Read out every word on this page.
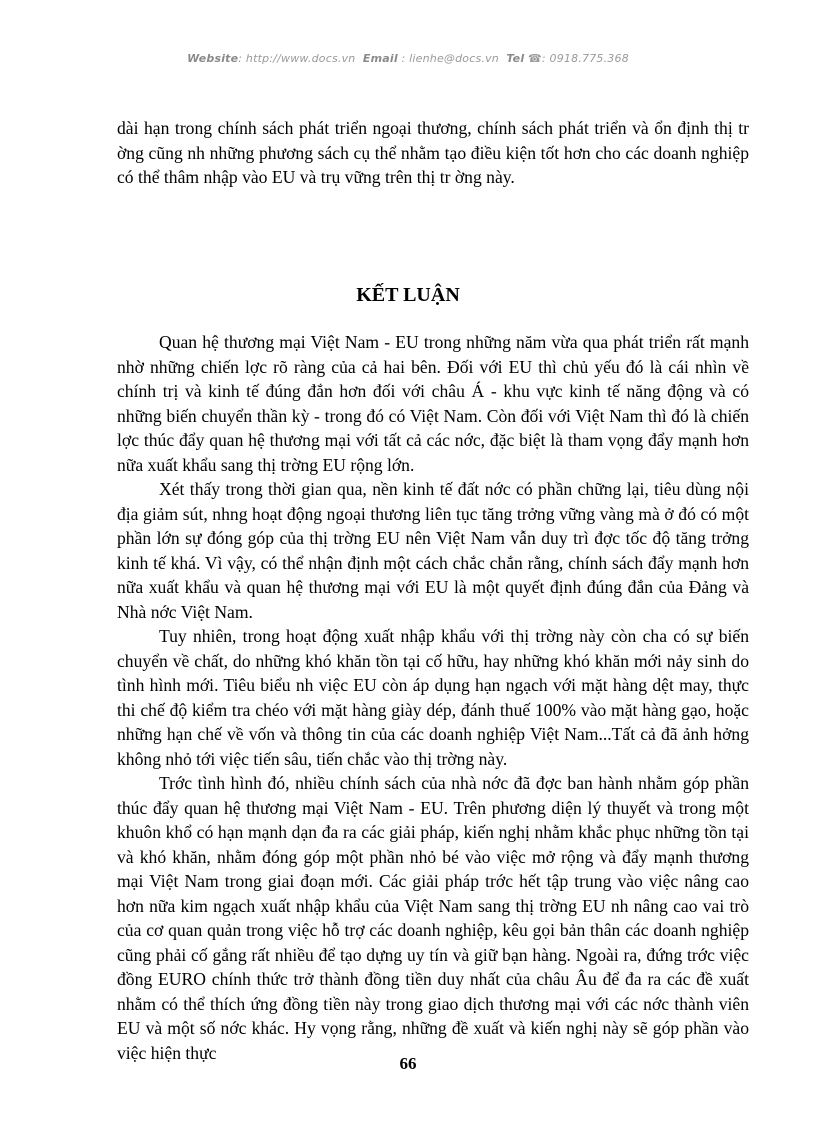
Website: http://www.docs.vn Email : lienhe@docs.vn Tel ☎: 0918.775.368

dài hạn trong chính sách phát triển ngoại thương, chính sách phát triển và ổn định thị tr ờng cũng nh những phương sách cụ thể nhằm tạo điều kiện tốt hơn cho các doanh nghiệp có thể thâm nhập vào EU và trụ vững trên thị tr ờng này.

KẾT LUẬN

Quan hệ thương mại Việt Nam - EU trong những năm vừa qua phát triển rất mạnh nhờ những chiến lợc rõ ràng của cả hai bên. Đối với EU thì chủ yếu đó là cái nhìn về chính trị và kinh tế đúng đắn hơn đối với châu Á - khu vực kinh tế năng động và có những biến chuyển thần kỳ - trong đó có Việt Nam. Còn đối với Việt Nam thì đó là chiến lợc thúc đẩy quan hệ thương mại với tất cả các nớc, đặc biệt là tham vọng đẩy mạnh hơn nữa xuất khẩu sang thị trờng EU rộng lớn.

Xét thấy trong thời gian qua, nền kinh tế đất nớc có phần chững lại, tiêu dùng nội địa giảm sút, nhng hoạt động ngoại thương liên tục tăng trởng vững vàng mà ở đó có một phần lớn sự đóng góp của thị trờng EU nên Việt Nam vẫn duy trì đợc tốc độ tăng trởng kinh tế khá. Vì vậy, có thể nhận định một cách chắc chắn rằng, chính sách đẩy mạnh hơn nữa xuất khẩu và quan hệ thương mại với EU là một quyết định đúng đắn của Đảng và Nhà nớc Việt Nam.

Tuy nhiên, trong hoạt động xuất nhập khẩu với thị trờng này còn cha có sự biến chuyển về chất, do những khó khăn tồn tại cố hữu, hay những khó khăn mới nảy sinh do tình hình mới. Tiêu biểu nh việc EU còn áp dụng hạn ngạch với mặt hàng dệt may, thực thi chế độ kiểm tra chéo với mặt hàng giày dép, đánh thuế 100% vào mặt hàng gạo, hoặc những hạn chế về vốn và thông tin của các doanh nghiệp Việt Nam...Tất cả đã ảnh hởng không nhỏ tới việc tiến sâu, tiến chắc vào thị trờng này.

Trớc tình hình đó, nhiều chính sách của nhà nớc đã đợc ban hành nhằm góp phần thúc đẩy quan hệ thương mại Việt Nam - EU. Trên phương diện lý thuyết và trong một khuôn khổ có hạn mạnh dạn đa ra các giải pháp, kiến nghị nhằm khắc phục những tồn tại và khó khăn, nhằm đóng góp một phần nhỏ bé vào việc mở rộng và đẩy mạnh thương mại Việt Nam trong giai đoạn mới. Các giải pháp trớc hết tập trung vào việc nâng cao hơn nữa kim ngạch xuất nhập khẩu của Việt Nam sang thị trờng EU nh nâng cao vai trò của cơ quan quản trong việc hỗ trợ các doanh nghiệp, kêu gọi bản thân các doanh nghiệp cũng phải cố gắng rất nhiều để tạo dựng uy tín và giữ bạn hàng. Ngoài ra, đứng trớc việc đồng EURO chính thức trở thành đồng tiền duy nhất của châu Âu để đa ra các đề xuất nhằm có thể thích ứng đồng tiền này trong giao dịch thương mại với các nớc thành viên EU và một số nớc khác. Hy vọng rằng, những đề xuất và kiến nghị này sẽ góp phần vào việc hiện thực

66
